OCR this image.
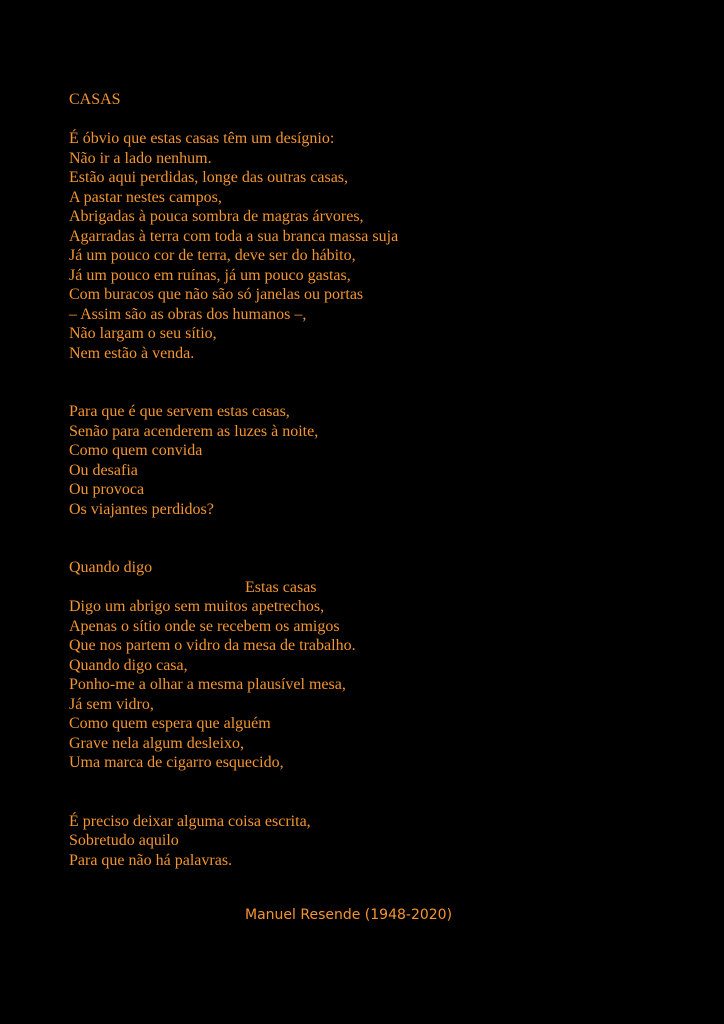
CASAS
É óbvio que estas casas têm um desígnio:
Não ir a lado nenhum.
Estão aqui perdidas, longe das outras casas,
A pastar nestes campos,
Abrigadas à pouca sombra de magras árvores,
Agarradas à terra com toda a sua branca massa suja
Já um pouco cor de terra, deve ser do hábito,
Já um pouco em ruínas, já um pouco gastas,
Com buracos que não são só janelas ou portas
– Assim são as obras dos humanos –,
Não largam o seu sítio,
Nem estão à venda.
Para que é que servem estas casas,
Senão para acenderem as luzes à noite,
Como quem convida
Ou desafia
Ou provoca
Os viajantes perdidos?
Quando digo
Estas casas
Digo um abrigo sem muitos apetrechos,
Apenas o sítio onde se recebem os amigos
Que nos partem o vidro da mesa de trabalho.
Quando digo casa,
Ponho-me a olhar a mesma plausível mesa,
Já sem vidro,
Como quem espera que alguém
Grave nela algum desleixo,
Uma marca de cigarro esquecido,
É preciso deixar alguma coisa escrita,
Sobretudo aquilo
Para que não há palavras.
Manuel Resende (1948-2020)
